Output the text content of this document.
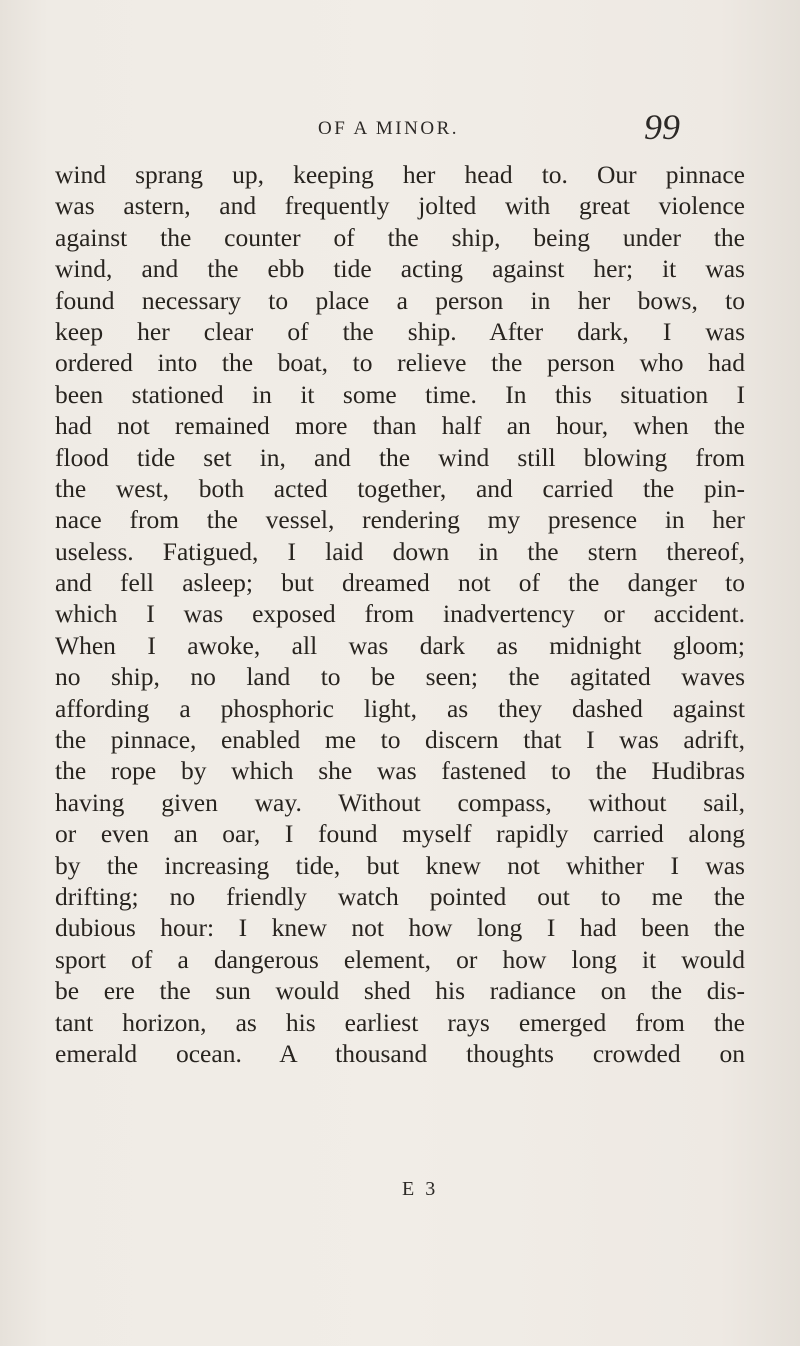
OF A MINOR.	99
wind sprang up, keeping her head to. Our pinnace
was astern, and frequently jolted with great violence
against the counter of the ship, being under the
wind, and the ebb tide acting against her; it was
found necessary to place a person in her bows, to
keep her clear of the ship. After dark, I was
ordered into the boat, to relieve the person who had
been stationed in it some time. In this situation I
had not remained more than half an hour, when the
flood tide set in, and the wind still blowing from
the west, both acted together, and carried the pin-
nace from the vessel, rendering my presence in her
useless. Fatigued, I laid down in the stern thereof,
and fell asleep; but dreamed not of the danger to
which I was exposed from inadvertency or accident.
When I awoke, all was dark as midnight gloom;
no ship, no land to be seen; the agitated waves
affording a phosphoric light, as they dashed against
the pinnace, enabled me to discern that I was adrift,
the rope by which she was fastened to the Hudibras
having given way. Without compass, without sail,
or even an oar, I found myself rapidly carried along
by the increasing tide, but knew not whither I was
drifting; no friendly watch pointed out to me the
dubious hour: I knew not how long I had been the
sport of a dangerous element, or how long it would
be ere the sun would shed his radiance on the dis-
tant horizon, as his earliest rays emerged from the
emerald ocean. A thousand thoughts crowded on
E 3
